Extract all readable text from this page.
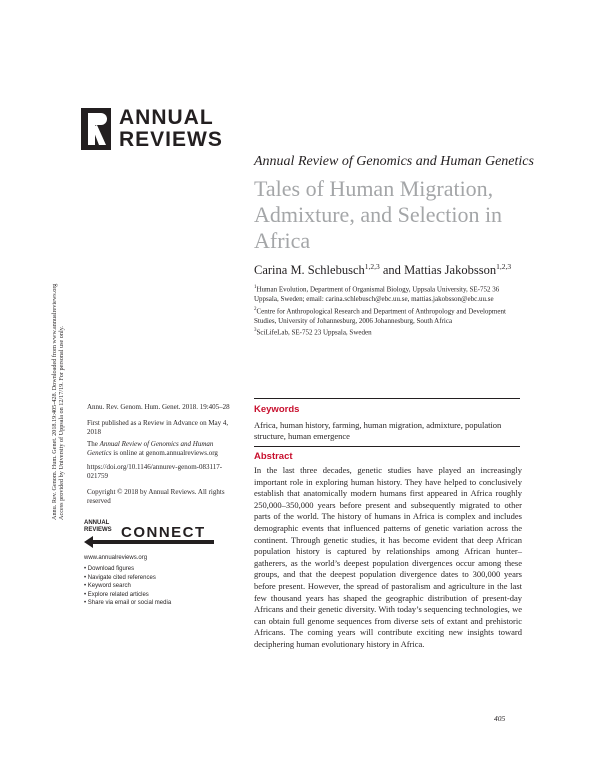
ANNUAL
REVIEWS
Annual Review of Genomics and Human Genetics
Tales of Human Migration, Admixture, and Selection in Africa
Carina M. Schlebusch$^{1,2,3}$ and Mattias Jakobsson$^{1,2,3}$
$^1$Human Evolution, Department of Organismal Biology, Uppsala University, SE-752 36 Uppsala, Sweden; email: carina.schlebusch@ebc.uu.se, mattias.jakobsson@ebc.uu.se
$^2$Centre for Anthropological Research and Department of Anthropology and Development Studies, University of Johannesburg, 2006 Johannesburg, South Africa
$^3$SciLifeLab, SE-752 23 Uppsala, Sweden
Annu. Rev. Genom. Hum. Genet. 2018.19:405-428. Downloaded from www.annualreviews.org Access provided by University of Uppsala on 12/17/19. For personal use only.	Annu. Rev. Genom. Hum. Genet. 2018. 19:405–28
First published as a Review in Advance on May 4, 2018
The Annual Review of Genomics and Human Genetics is online at genom.annualreviews.org
https://doi.org/10.1146/annurev-genom-083117-021759
Copyright © 2018 by Annual Reviews. All rights reserved
ANNUAL
REVIEWS CONNECT
www.annualreviews.org
• Download figures
• Navigate cited references
• Keyword search
• Explore related articles
• Share via email or social media
Keywords
Africa, human history, farming, human migration, admixture, population structure, human emergence
Abstract
In the last three decades, genetic studies have played an increasingly important role in exploring human history. They have helped to conclusively establish that anatomically modern humans first appeared in Africa roughly 250,000–350,000 years before present and subsequently migrated to other parts of the world. The history of humans in Africa is complex and includes demographic events that influenced patterns of genetic variation across the continent. Through genetic studies, it has become evident that deep African population history is captured by relationships among African hunter–gatherers, as the world’s deepest population divergences occur among these groups, and that the deepest population divergence dates to 300,000 years before present. However, the spread of pastoralism and agriculture in the last few thousand years has shaped the geographic distribution of present-day Africans and their genetic diversity. With today’s sequencing technologies, we can obtain full genome sequences from diverse sets of extant and prehistoric Africans. The coming years will contribute exciting new insights toward deciphering human evolutionary history in Africa.
405
